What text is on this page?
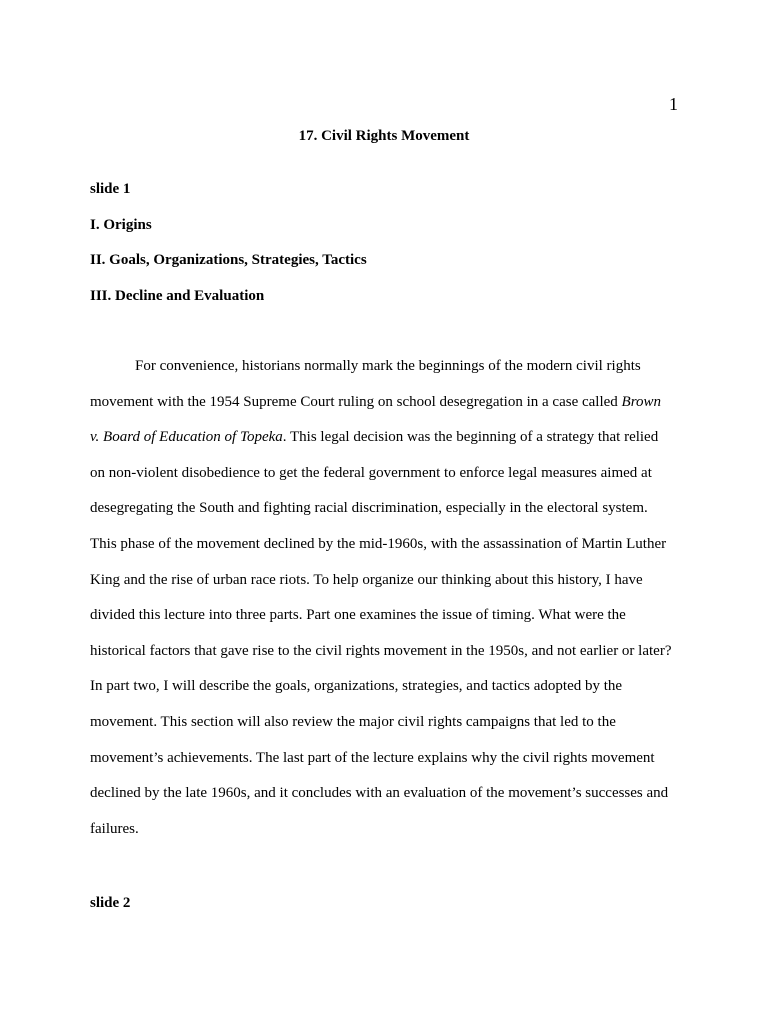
1
17. Civil Rights Movement
slide 1
I. Origins
II. Goals, Organizations, Strategies, Tactics
III. Decline and Evaluation
For convenience, historians normally mark the beginnings of the modern civil rights
movement with the 1954 Supreme Court ruling on school desegregation in a case called Brown
v. Board of Education of Topeka. This legal decision was the beginning of a strategy that relied
on non-violent disobedience to get the federal government to enforce legal measures aimed at
desegregating the South and fighting racial discrimination, especially in the electoral system.
This phase of the movement declined by the mid-1960s, with the assassination of Martin Luther
King and the rise of urban race riots. To help organize our thinking about this history, I have
divided this lecture into three parts. Part one examines the issue of timing. What were the
historical factors that gave rise to the civil rights movement in the 1950s, and not earlier or later?
In part two, I will describe the goals, organizations, strategies, and tactics adopted by the
movement. This section will also review the major civil rights campaigns that led to the
movement’s achievements. The last part of the lecture explains why the civil rights movement
declined by the late 1960s, and it concludes with an evaluation of the movement’s successes and
failures.
slide 2
